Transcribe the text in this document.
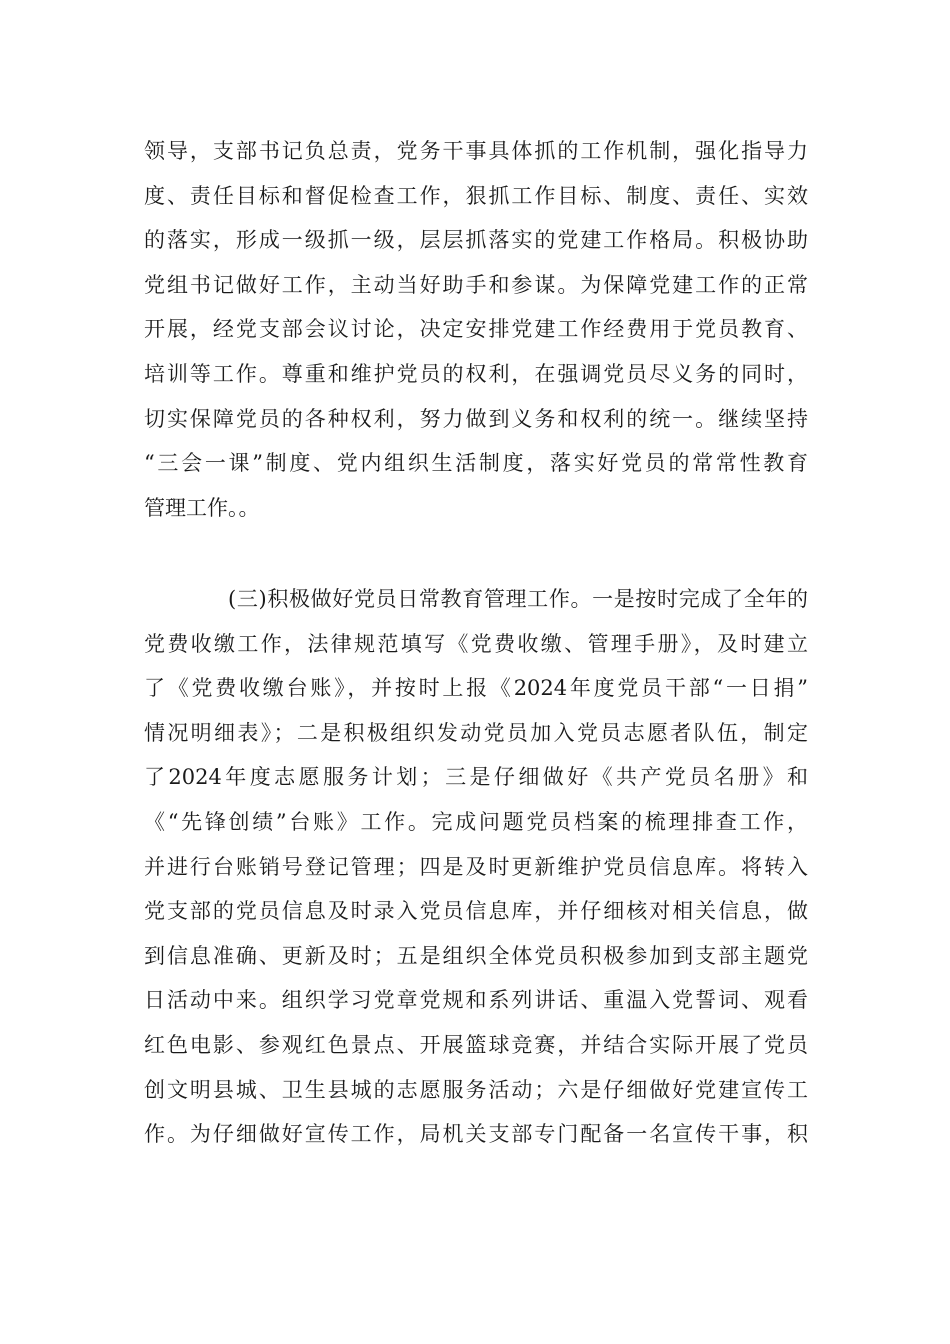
领导，支部书记负总责，党务干事具体抓的工作机制，强化指导力
度、责任目标和督促检查工作，狠抓工作目标、制度、责任、实效
的落实，形成一级抓一级，层层抓落实的党建工作格局。积极协助
党组书记做好工作，主动当好助手和参谋。为保障党建工作的正常
开展，经党支部会议讨论，决定安排党建工作经费用于党员教育、
培训等工作。尊重和维护党员的权利，在强调党员尽义务的同时，
切实保障党员的各种权利，努力做到义务和权利的统一。继续坚持
“三会一课”制度、党内组织生活制度，落实好党员的常常性教育
管理工作。。
(三)积极做好党员日常教育管理工作。一是按时完成了全年的
党费收缴工作，法律规范填写《党费收缴、管理手册》，及时建立
了《党费收缴台账》，并按时上报《2024年度党员干部“一日捐”
情况明细表》；二是积极组织发动党员加入党员志愿者队伍，制定
了2024年度志愿服务计划；三是仔细做好《共产党员名册》和
《“先锋创绩”台账》工作。完成问题党员档案的梳理排查工作，
并进行台账销号登记管理；四是及时更新维护党员信息库。将转入
党支部的党员信息及时录入党员信息库，并仔细核对相关信息，做
到信息准确、更新及时；五是组织全体党员积极参加到支部主题党
日活动中来。组织学习党章党规和系列讲话、重温入党誓词、观看
红色电影、参观红色景点、开展篮球竞赛，并结合实际开展了党员
创文明县城、卫生县城的志愿服务活动；六是仔细做好党建宣传工
作。为仔细做好宣传工作，局机关支部专门配备一名宣传干事，积
